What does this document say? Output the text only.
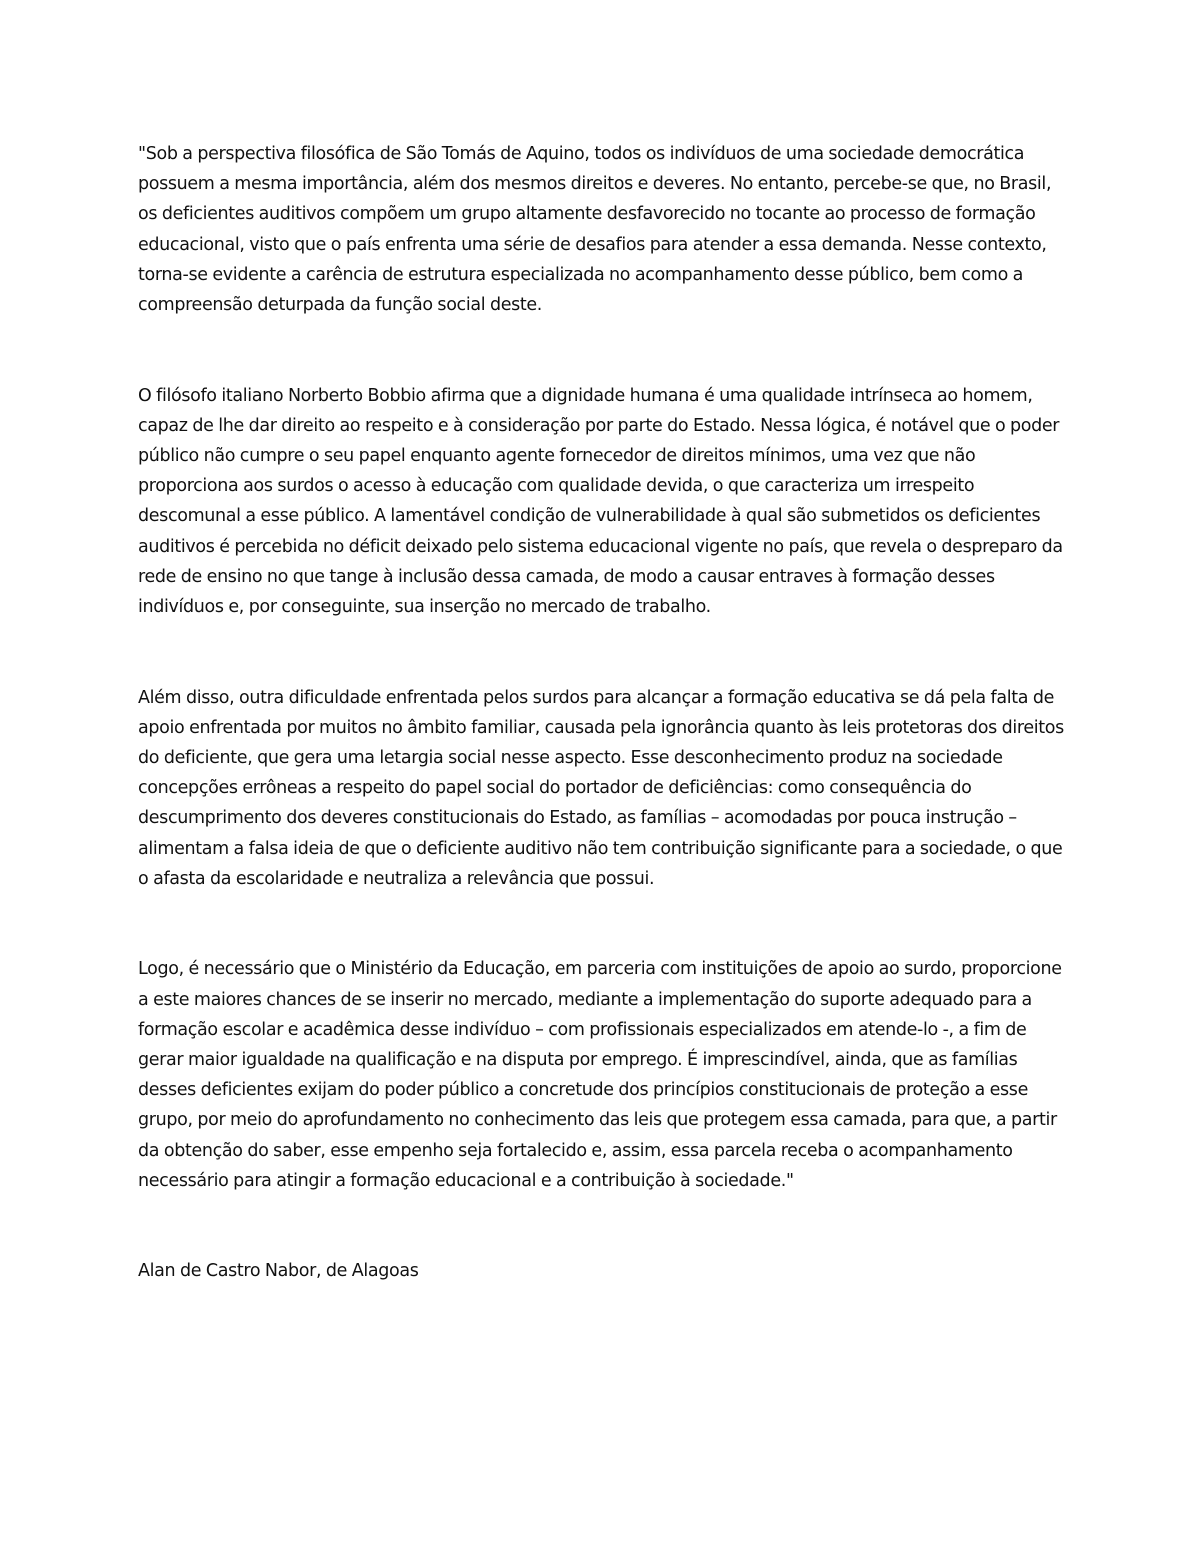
"Sob a perspectiva filosófica de São Tomás de Aquino, todos os indivíduos de uma sociedade democrática possuem a mesma importância, além dos mesmos direitos e deveres. No entanto, percebe-se que, no Brasil, os deficientes auditivos compõem um grupo altamente desfavorecido no tocante ao processo de formação educacional, visto que o país enfrenta uma série de desafios para atender a essa demanda. Nesse contexto, torna-se evidente a carência de estrutura especializada no acompanhamento desse público, bem como a compreensão deturpada da função social deste.

O filósofo italiano Norberto Bobbio afirma que a dignidade humana é uma qualidade intrínseca ao homem, capaz de lhe dar direito ao respeito e à consideração por parte do Estado. Nessa lógica, é notável que o poder público não cumpre o seu papel enquanto agente fornecedor de direitos mínimos, uma vez que não proporciona aos surdos o acesso à educação com qualidade devida, o que caracteriza um irrespeito descomunal a esse público. A lamentável condição de vulnerabilidade à qual são submetidos os deficientes auditivos é percebida no déficit deixado pelo sistema educacional vigente no país, que revela o despreparo da rede de ensino no que tange à inclusão dessa camada, de modo a causar entraves à formação desses indivíduos e, por conseguinte, sua inserção no mercado de trabalho.

Além disso, outra dificuldade enfrentada pelos surdos para alcançar a formação educativa se dá pela falta de apoio enfrentada por muitos no âmbito familiar, causada pela ignorância quanto às leis protetoras dos direitos do deficiente, que gera uma letargia social nesse aspecto. Esse desconhecimento produz na sociedade concepções errôneas a respeito do papel social do portador de deficiências: como consequência do descumprimento dos deveres constitucionais do Estado, as famílias – acomodadas por pouca instrução – alimentam a falsa ideia de que o deficiente auditivo não tem contribuição significante para a sociedade, o que o afasta da escolaridade e neutraliza a relevância que possui.

Logo, é necessário que o Ministério da Educação, em parceria com instituições de apoio ao surdo, proporcione a este maiores chances de se inserir no mercado, mediante a implementação do suporte adequado para a formação escolar e acadêmica desse indivíduo – com profissionais especializados em atende-lo -, a fim de gerar maior igualdade na qualificação e na disputa por emprego. É imprescindível, ainda, que as famílias desses deficientes exijam do poder público a concretude dos princípios constitucionais de proteção a esse grupo, por meio do aprofundamento no conhecimento das leis que protegem essa camada, para que, a partir da obtenção do saber, esse empenho seja fortalecido e, assim, essa parcela receba o acompanhamento necessário para atingir a formação educacional e a contribuição à sociedade."

Alan de Castro Nabor, de Alagoas
